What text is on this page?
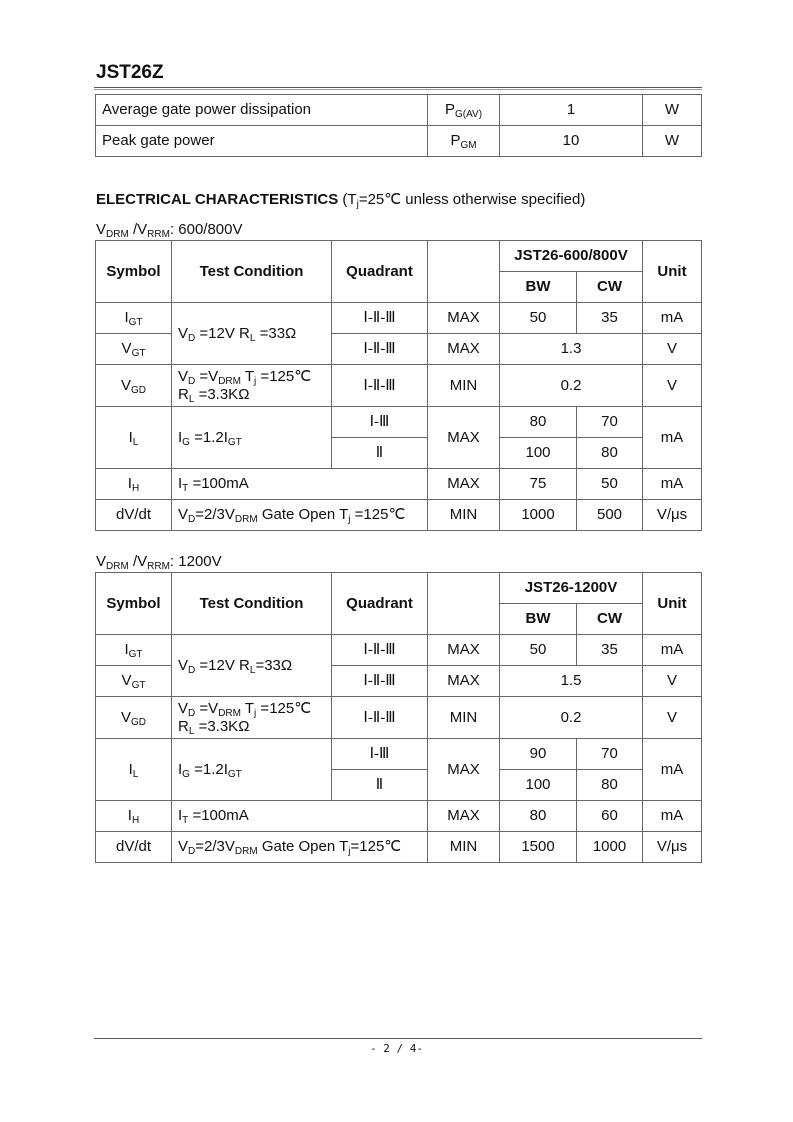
JST26Z
Average gate power dissipation	$P_{G(AV)}$	1	W
Peak gate power	$P_{GM}$	10	W
ELECTRICAL CHARACTERISTICS ($T_j=25℃$ unless otherwise specified)
$V_{DRM}$ $/V_{RRM}$: 600/800V
Symbol	Test Condition	Quadrant		JST26-600/800V		Unit
				BW	CW	
$I_{GT}$	$V_D =12V$ $R_L =33\Omega$	Ⅰ-Ⅱ-Ⅲ	MAX	50	35	mA
$V_{GT}$		Ⅰ-Ⅱ-Ⅲ	MAX	1.3		V
$V_{GD}$	$V_D =V_{DRM}$ $T_j$ =125℃
$R_L =3.3K\Omega$	Ⅰ-Ⅱ-Ⅲ	MIN	0.2		V
$I_L$	$I_G =1.2I_{GT}$	Ⅰ-Ⅲ	MAX	80	70	mA
		Ⅱ		100	80	
$I_H$	$I_T =100mA$		MAX	75	50	mA
dV/dt	$V_D=2/3V_{DRM}$ Gate Open $T_j$ =125℃		MIN	1000	500	V/μs
$V_{DRM}$ $/V_{RRM}$: 1200V
Symbol	Test Condition	Quadrant		JST26-1200V		Unit
				BW	CW	
$I_{GT}$	$V_D =12V$ $R_L=33\Omega$	Ⅰ-Ⅱ-Ⅲ	MAX	50	35	mA
$V_{GT}$		Ⅰ-Ⅱ-Ⅲ	MAX	1.5		V
$V_{GD}$	$V_D =V_{DRM}$ $T_j$ =125℃
$R_L =3.3K\Omega$	Ⅰ-Ⅱ-Ⅲ	MIN	0.2		V
$I_L$	$I_G =1.2I_{GT}$	Ⅰ-Ⅲ	MAX	90	70	mA
		Ⅱ		100	80	
$I_H$	$I_T =100mA$		MAX	80	60	mA
dV/dt	$V_D=2/3V_{DRM}$ Gate Open $T_j=125℃$		MIN	1500	1000	V/μs
- 2 / 4-
